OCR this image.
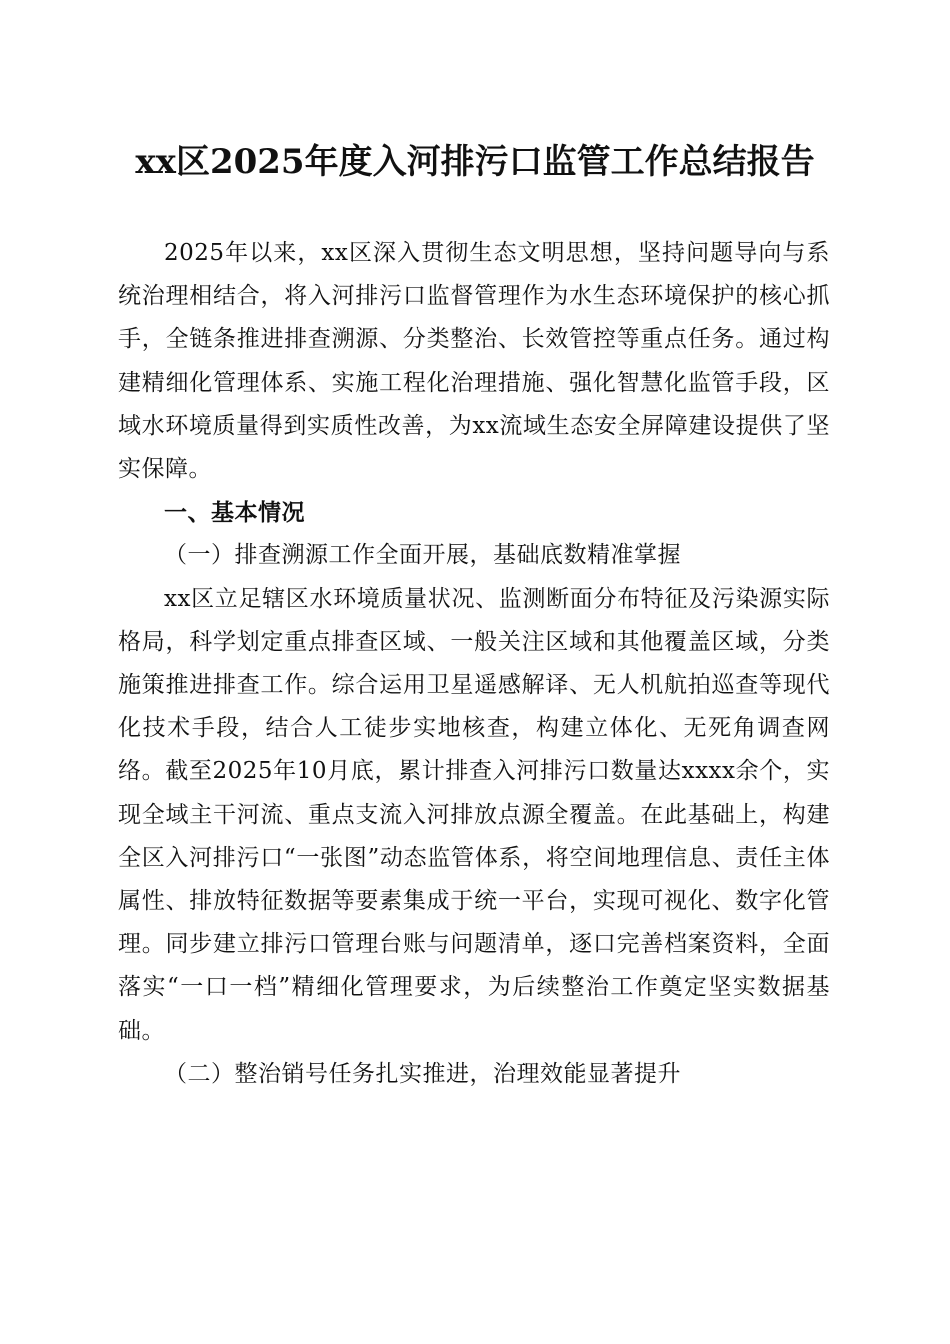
xx区2025年度入河排污口监管工作总结报告

2025年以来，xx区深入贯彻生态文明思想，坚持问题导向与系统治理相结合，将入河排污口监督管理作为水生态环境保护的核心抓手，全链条推进排查溯源、分类整治、长效管控等重点任务。通过构建精细化管理体系、实施工程化治理措施、强化智慧化监管手段，区域水环境质量得到实质性改善，为xx流域生态安全屏障建设提供了坚实保障。

一、基本情况

（一）排查溯源工作全面开展，基础底数精准掌握

xx区立足辖区水环境质量状况、监测断面分布特征及污染源实际格局，科学划定重点排查区域、一般关注区域和其他覆盖区域，分类施策推进排查工作。综合运用卫星遥感解译、无人机航拍巡查等现代化技术手段，结合人工徒步实地核查，构建立体化、无死角调查网络。截至2025年10月底，累计排查入河排污口数量达xxxx余个，实现全域主干河流、重点支流入河排放点源全覆盖。在此基础上，构建全区入河排污口“一张图”动态监管体系，将空间地理信息、责任主体属性、排放特征数据等要素集成于统一平台，实现可视化、数字化管理。同步建立排污口管理台账与问题清单，逐口完善档案资料，全面落实“一口一档”精细化管理要求，为后续整治工作奠定坚实数据基础。

（二）整治销号任务扎实推进，治理效能显著提升
